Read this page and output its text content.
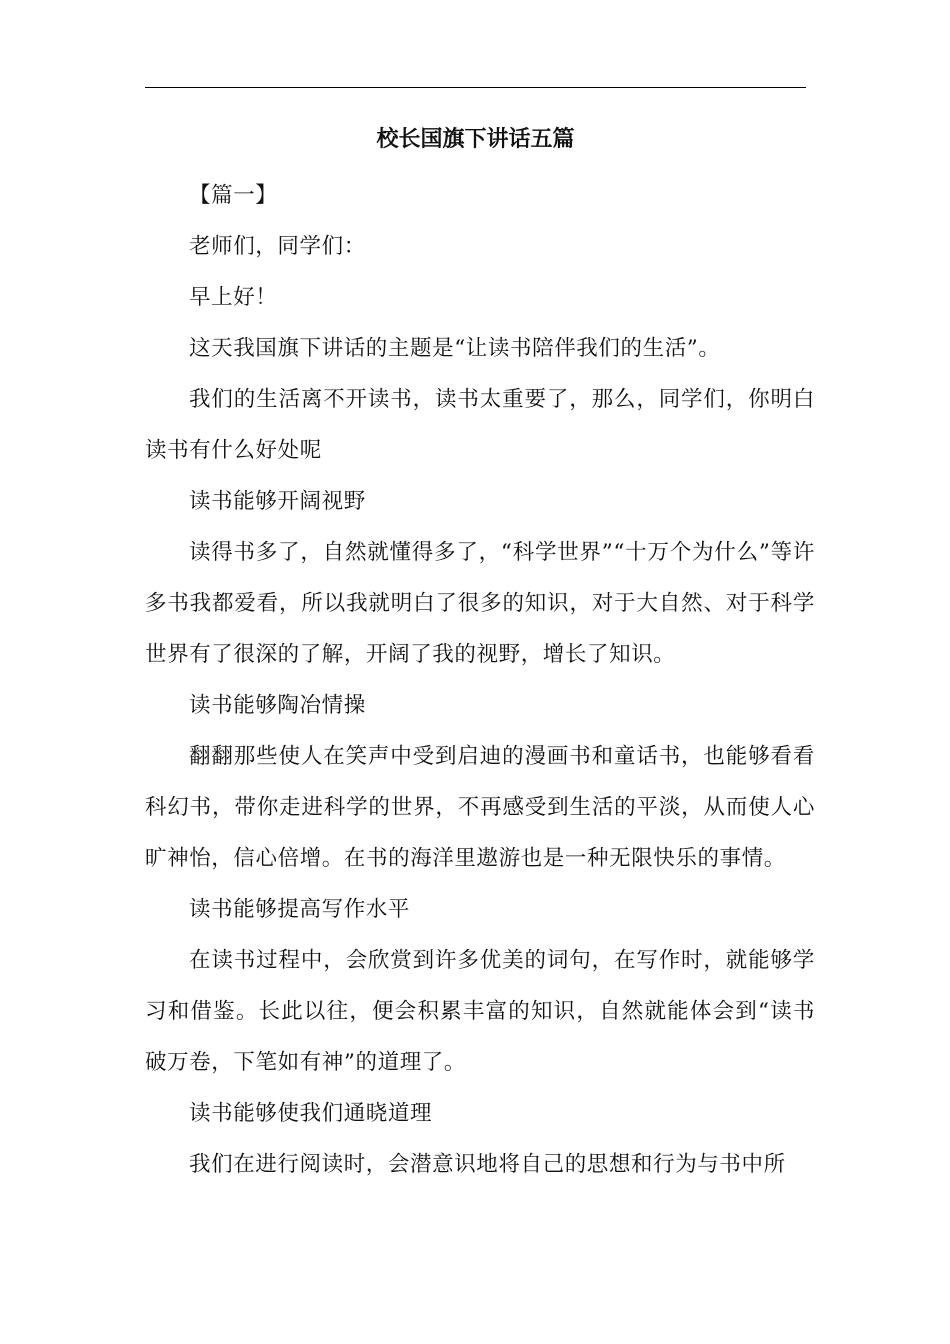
校长国旗下讲话五篇

【篇一】

老师们，同学们：

早上好！

这天我国旗下讲话的主题是“让读书陪伴我们的生活”。

我们的生活离不开读书，读书太重要了，那么，同学们，你明白读书有什么好处呢

读书能够开阔视野

读得书多了，自然就懂得多了，“科学世界”“十万个为什么”等许多书我都爱看，所以我就明白了很多的知识，对于大自然、对于科学世界有了很深的了解，开阔了我的视野，增长了知识。

读书能够陶冶情操

翻翻那些使人在笑声中受到启迪的漫画书和童话书，也能够看看科幻书，带你走进科学的世界，不再感受到生活的平淡，从而使人心旷神怡，信心倍增。在书的海洋里遨游也是一种无限快乐的事情。

读书能够提高写作水平

在读书过程中，会欣赏到许多优美的词句，在写作时，就能够学习和借鉴。长此以往，便会积累丰富的知识，自然就能体会到“读书破万卷，下笔如有神”的道理了。

读书能够使我们通晓道理

我们在进行阅读时，会潜意识地将自己的思想和行为与书中所
